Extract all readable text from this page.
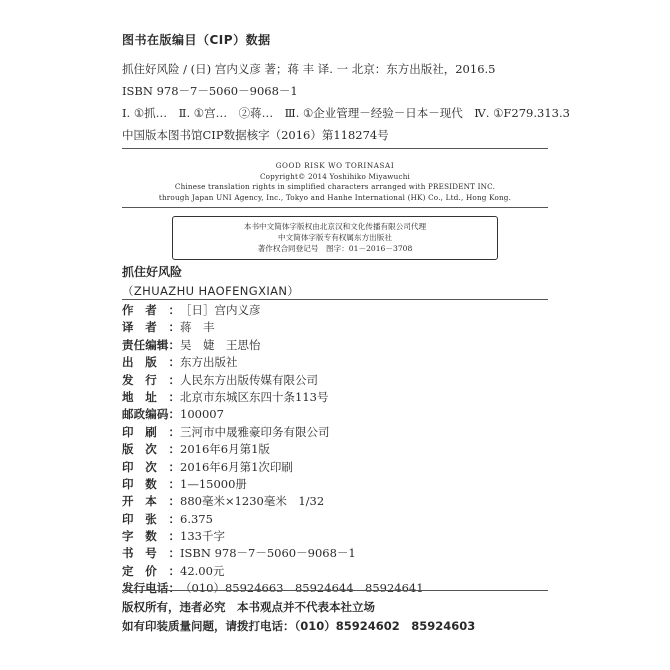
图书在版编目（CIP）数据
抓住好风险 / (日) 宫内义彦 著；蒋 丰 译. 一 北京：东方出版社，2016.5
ISBN 978－7－5060－9068－1
Ⅰ. ①抓…　Ⅱ. ①宫…　②蒋…　Ⅲ. ①企业管理－经验－日本－现代　Ⅳ. ①F279.313.3
中国版本图书馆CIP数据核字（2016）第118274号
GOOD RISK WO TORINASAI
Copyright© 2014 Yoshihiko Miyawuchi
Chinese translation rights in simplified characters arranged with PRESIDENT INC.
through Japan UNI Agency, Inc., Tokyo and Hanhe International (HK) Co., Ltd., Hong Kong.
本书中文简体字版权由北京汉和文化传播有限公司代理
中文简体字版专有权属东方出版社
著作权合同登记号　图字：01－2016－3708
抓住好风险
（ZHUAZHU HAOFENGXIAN）
作 者 ： ［日］宫内义彦
译 者 ： 蒋　丰
责 任 编 辑 ： 吴　婕　王思怡
出 版 ： 东方出版社
发 行 ： 人民东方出版传媒有限公司
地 址 ： 北京市东城区东四十条113号
邮 政 编 码 ： 100007
印 刷 ： 三河市中晟雅豪印务有限公司
版 次 ： 2016年6月第1版
印 次 ： 2016年6月第1次印刷
印 数 ： 1—15000册
开 本 ： 880毫米×1230毫米　1/32
印 张 ： 6.375
字 数 ： 133千字
书 号 ： ISBN 978－7－5060－9068－1
定 价 ： 42.00元
发 行 电 话 ： （010）85924663　85924644　85924641
版权所有，违者必究　本书观点并不代表本社立场
如有印装质量问题，请拨打电话：（010）85924602　85924603
